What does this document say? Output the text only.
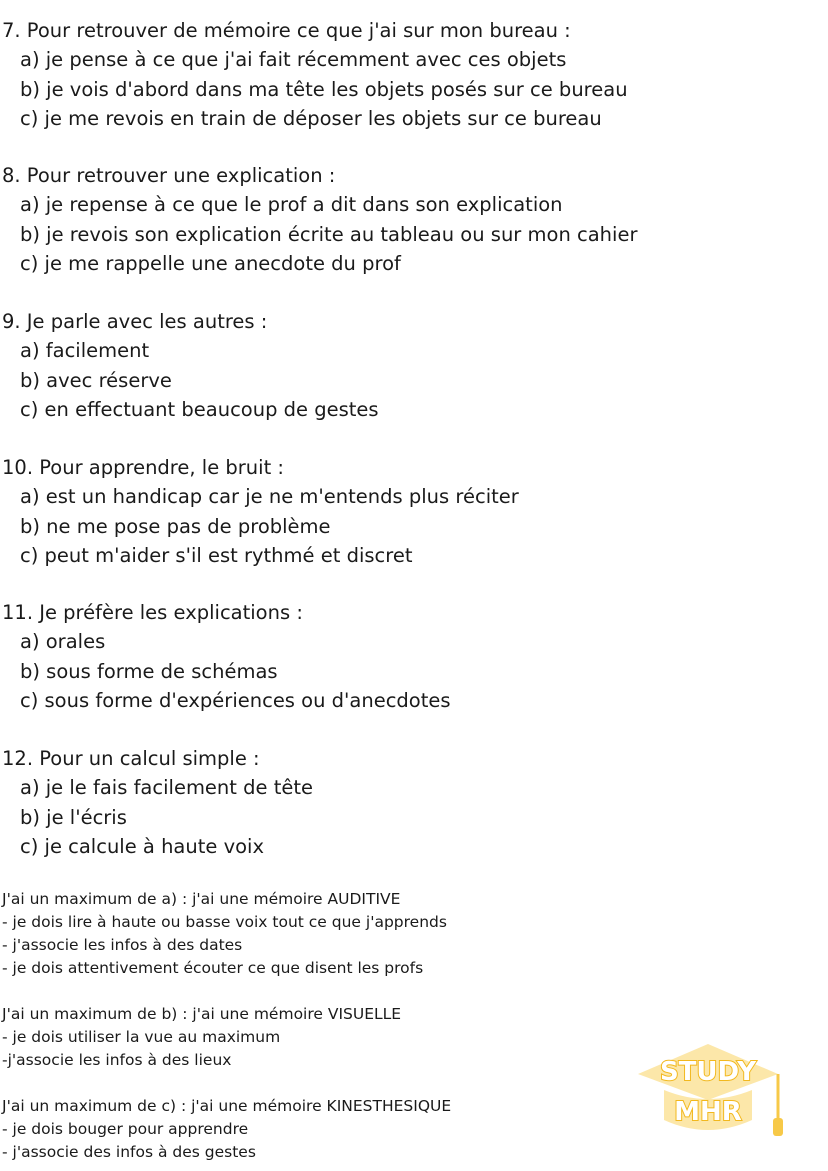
7. Pour retrouver de mémoire ce que j'ai sur mon bureau :
a) je pense à ce que j'ai fait récemment avec ces objets
b) je vois d'abord dans ma tête les objets posés sur ce bureau
c) je me revois en train de déposer les objets sur ce bureau
8. Pour retrouver une explication :
a) je repense à ce que le prof a dit dans son explication
b) je revois son explication écrite au tableau ou sur mon cahier
c) je me rappelle une anecdote du prof
9. Je parle avec les autres :
a) facilement
b) avec réserve
c) en effectuant beaucoup de gestes
10. Pour apprendre, le bruit :
a) est un handicap car je ne m'entends plus réciter
b) ne me pose pas de problème
c) peut m'aider s'il est rythmé et discret
11. Je préfère les explications :
a) orales
b) sous forme de schémas
c) sous forme d'expériences ou d'anecdotes
12. Pour un calcul simple :
a) je le fais facilement de tête
b) je l'écris
c) je calcule à haute voix
J'ai un maximum de a) : j'ai une mémoire AUDITIVE
- je dois lire à haute ou basse voix tout ce que j'apprends
- j'associe les infos à des dates
- je dois attentivement écouter ce que disent les profs
J'ai un maximum de b) : j'ai une mémoire VISUELLE
- je dois utiliser la vue au maximum
-j'associe les infos à des lieux
J'ai un maximum de c) : j'ai une mémoire KINESTHESIQUE
- je dois bouger pour apprendre
- j'associe des infos à des gestes
STUDY
MHR
